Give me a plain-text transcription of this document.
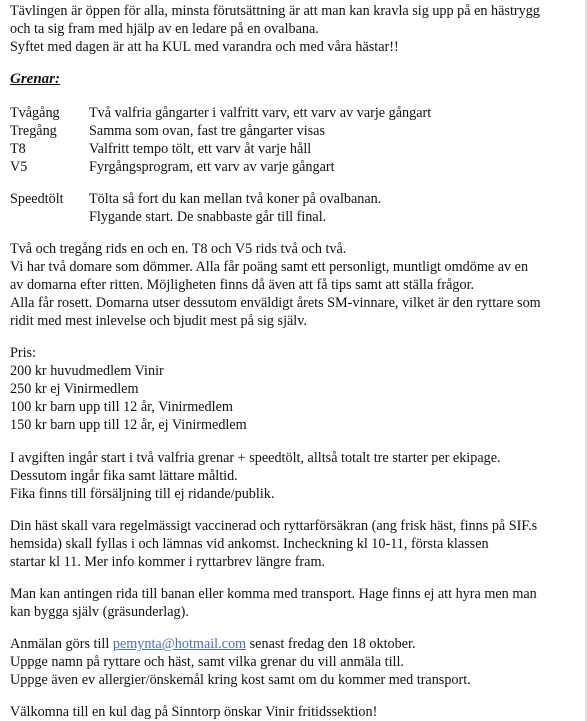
Tävlingen är öppen för alla, minsta förutsättning är att man kan kravla sig upp på en hästrygg
och ta sig fram med hjälp av en ledare på en ovalbana.
Syftet med dagen är att ha KUL med varandra och med våra hästar!!
Grenar:
Tvågång Två valfria gångarter i valfritt varv, ett varv av varje gångart
Tregång Samma som ovan, fast tre gångarter visas
T8	Valfritt tempo tölt, ett varv åt varje håll
V5	Fyrgångsprogram, ett varv av varje gångart
Speedtölt Tölta så fort du kan mellan två koner på ovalbanan.
Flygande start. De snabbaste går till final.
Två och tregång rids en och en. T8 och V5 rids två och två.
Vi har två domare som dömmer. Alla får poäng samt ett personligt, muntligt omdöme av en
av domarna efter ritten. Möjligheten finns då även att få tips samt att ställa frågor.
Alla får rosett. Domarna utser dessutom enväldigt årets SM-vinnare, vilket är den ryttare som
ridit med mest inlevelse och bjudit mest på sig själv.
Pris:
200 kr huvudmedlem Vinir
250 kr ej Vinirmedlem
100 kr barn upp till 12 år, Vinirmedlem
150 kr barn upp till 12 år, ej Vinirmedlem
I avgiften ingår start i två valfria grenar + speedtölt, alltså totalt tre starter per ekipage.
Dessutom ingår fika samt lättare måltid.
Fika finns till försäljning till ej ridande/publik.
Din häst skall vara regelmässigt vaccinerad och ryttarförsäkran (ang frisk häst, finns på SIF.s
hemsida) skall fyllas i och lämnas vid ankomst. Incheckning kl 10-11, första klassen
startar kl 11. Mer info kommer i ryttarbrev längre fram.
Man kan antingen rida till banan eller komma med transport. Hage finns ej att hyra men man
kan bygga själv (gräsunderlag).
Anmälan görs till pemynta@hotmail.com senast fredag den 18 oktober.
Uppge namn på ryttare och häst, samt vilka grenar du vill anmäla till.
Uppge även ev allergier/önskemål kring kost samt om du kommer med transport.
Välkomna till en kul dag på Sinntorp önskar Vinir fritidssektion!
